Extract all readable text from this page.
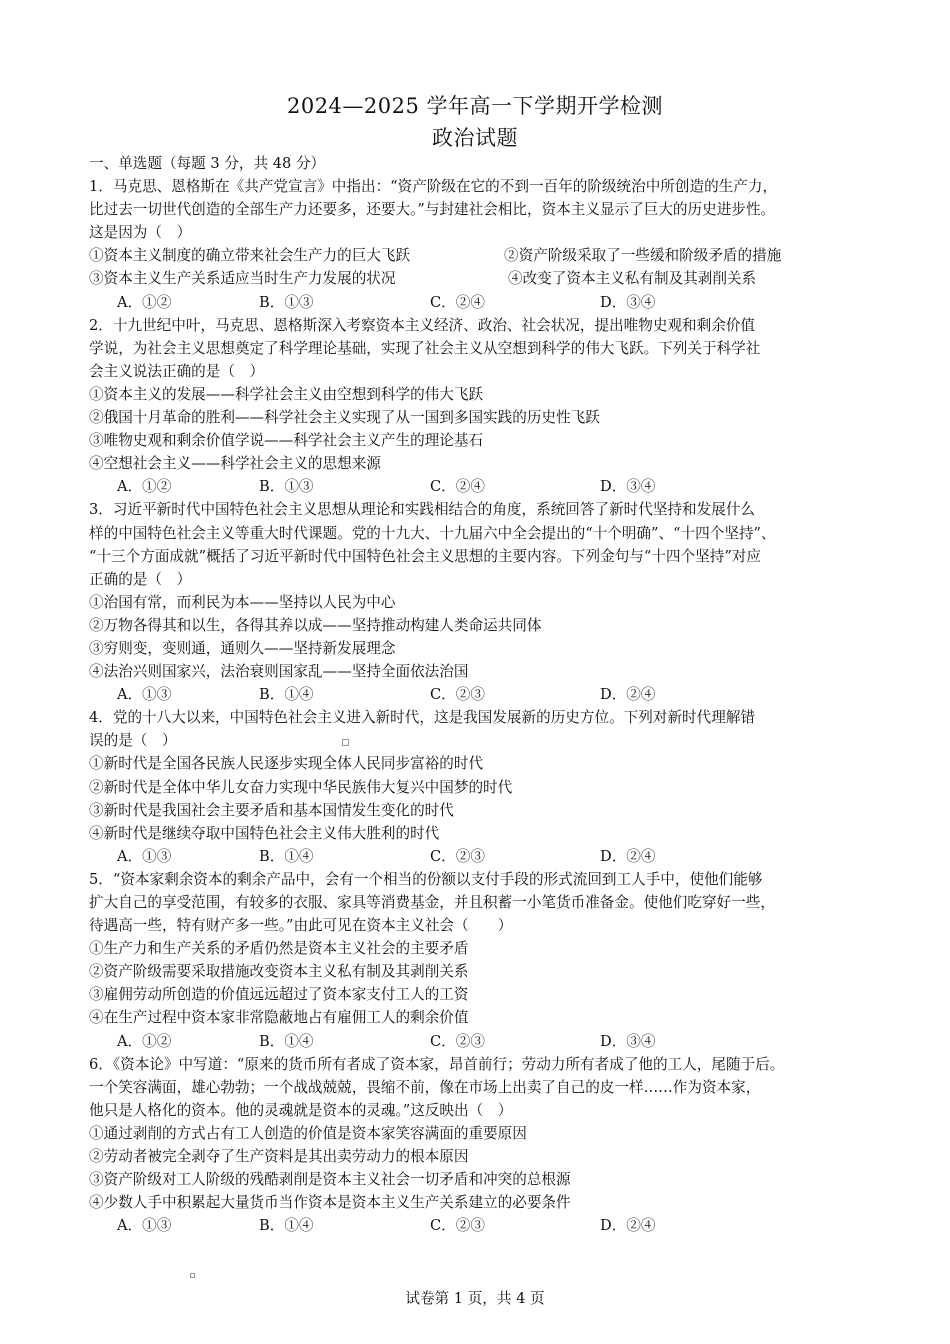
2024—2025 学年高一下学期开学检测
政治试题
一、单选题（每题 3 分，共 48 分）
1．马克思、恩格斯在《共产党宣言》中指出：“资产阶级在它的不到一百年的阶级统治中所创造的生产力，
比过去一切世代创造的全部生产力还要多，还要大。”与封建社会相比，资本主义显示了巨大的历史进步性。
这是因为（　）
①资本主义制度的确立带来社会生产力的巨大飞跃	②资产阶级采取了一些缓和阶级矛盾的措施
③资本主义生产关系适应当时生产力发展的状况	④改变了资本主义私有制及其剥削关系
A．①②	B．①③	C．②④	D．③④
2．十九世纪中叶，马克思、恩格斯深入考察资本主义经济、政治、社会状况，提出唯物史观和剩余价值
学说，为社会主义思想奠定了科学理论基础，实现了社会主义从空想到科学的伟大飞跃。下列关于科学社
会主义说法正确的是（　）
①资本主义的发展——科学社会主义由空想到科学的伟大飞跃
②俄国十月革命的胜利——科学社会主义实现了从一国到多国实践的历史性飞跃
③唯物史观和剩余价值学说——科学社会主义产生的理论基石
④空想社会主义——科学社会主义的思想来源
A．①②	B．①③	C．②④	D．③④
3．习近平新时代中国特色社会主义思想从理论和实践相结合的角度，系统回答了新时代坚持和发展什么
样的中国特色社会主义等重大时代课题。党的十九大、十九届六中全会提出的“十个明确”、“十四个坚持”、
“十三个方面成就”概括了习近平新时代中国特色社会主义思想的主要内容。下列金句与“十四个坚持”对应
正确的是（　）
①治国有常，而利民为本——坚持以人民为中心
②万物各得其和以生，各得其养以成——坚持推动构建人类命运共同体
③穷则变，变则通，通则久——坚持新发展理念
④法治兴则国家兴，法治衰则国家乱——坚持全面依法治国
A．①③	B．①④	C．②③	D．②④
4．党的十八大以来，中国特色社会主义进入新时代，这是我国发展新的历史方位。下列对新时代理解错
误的是（　）
①新时代是全国各民族人民逐步实现全体人民同步富裕的时代
②新时代是全体中华儿女奋力实现中华民族伟大复兴中国梦的时代
③新时代是我国社会主要矛盾和基本国情发生变化的时代
④新时代是继续夺取中国特色社会主义伟大胜利的时代
A．①③	B．①④	C．②③	D．②④
5．“资本家剩余资本的剩余产品中，会有一个相当的份额以支付手段的形式流回到工人手中，使他们能够
扩大自己的享受范围，有较多的衣服、家具等消费基金，并且积蓄一小笔货币准备金。使他们吃穿好一些，
待遇高一些，特有财产多一些。”由此可见在资本主义社会（　　）
①生产力和生产关系的矛盾仍然是资本主义社会的主要矛盾
②资产阶级需要采取措施改变资本主义私有制及其剥削关系
③雇佣劳动所创造的价值远远超过了资本家支付工人的工资
④在生产过程中资本家非常隐蔽地占有雇佣工人的剩余价值
A．①②	B．①④	C．②③	D．③④
6．《资本论》中写道：“原来的货币所有者成了资本家，昂首前行；劳动力所有者成了他的工人，尾随于后。
一个笑容满面，雄心勃勃；一个战战兢兢，畏缩不前，像在市场上出卖了自己的皮一样……作为资本家，
他只是人格化的资本。他的灵魂就是资本的灵魂。”这反映出（　）
①通过剥削的方式占有工人创造的价值是资本家笑容满面的重要原因
②劳动者被完全剥夺了生产资料是其出卖劳动力的根本原因
③资产阶级对工人阶级的残酷剥削是资本主义社会一切矛盾和冲突的总根源
④少数人手中积累起大量货币当作资本是资本主义生产关系建立的必要条件
A．①③	B．①④	C．②③	D．②④
试卷第 1 页，共 4 页
